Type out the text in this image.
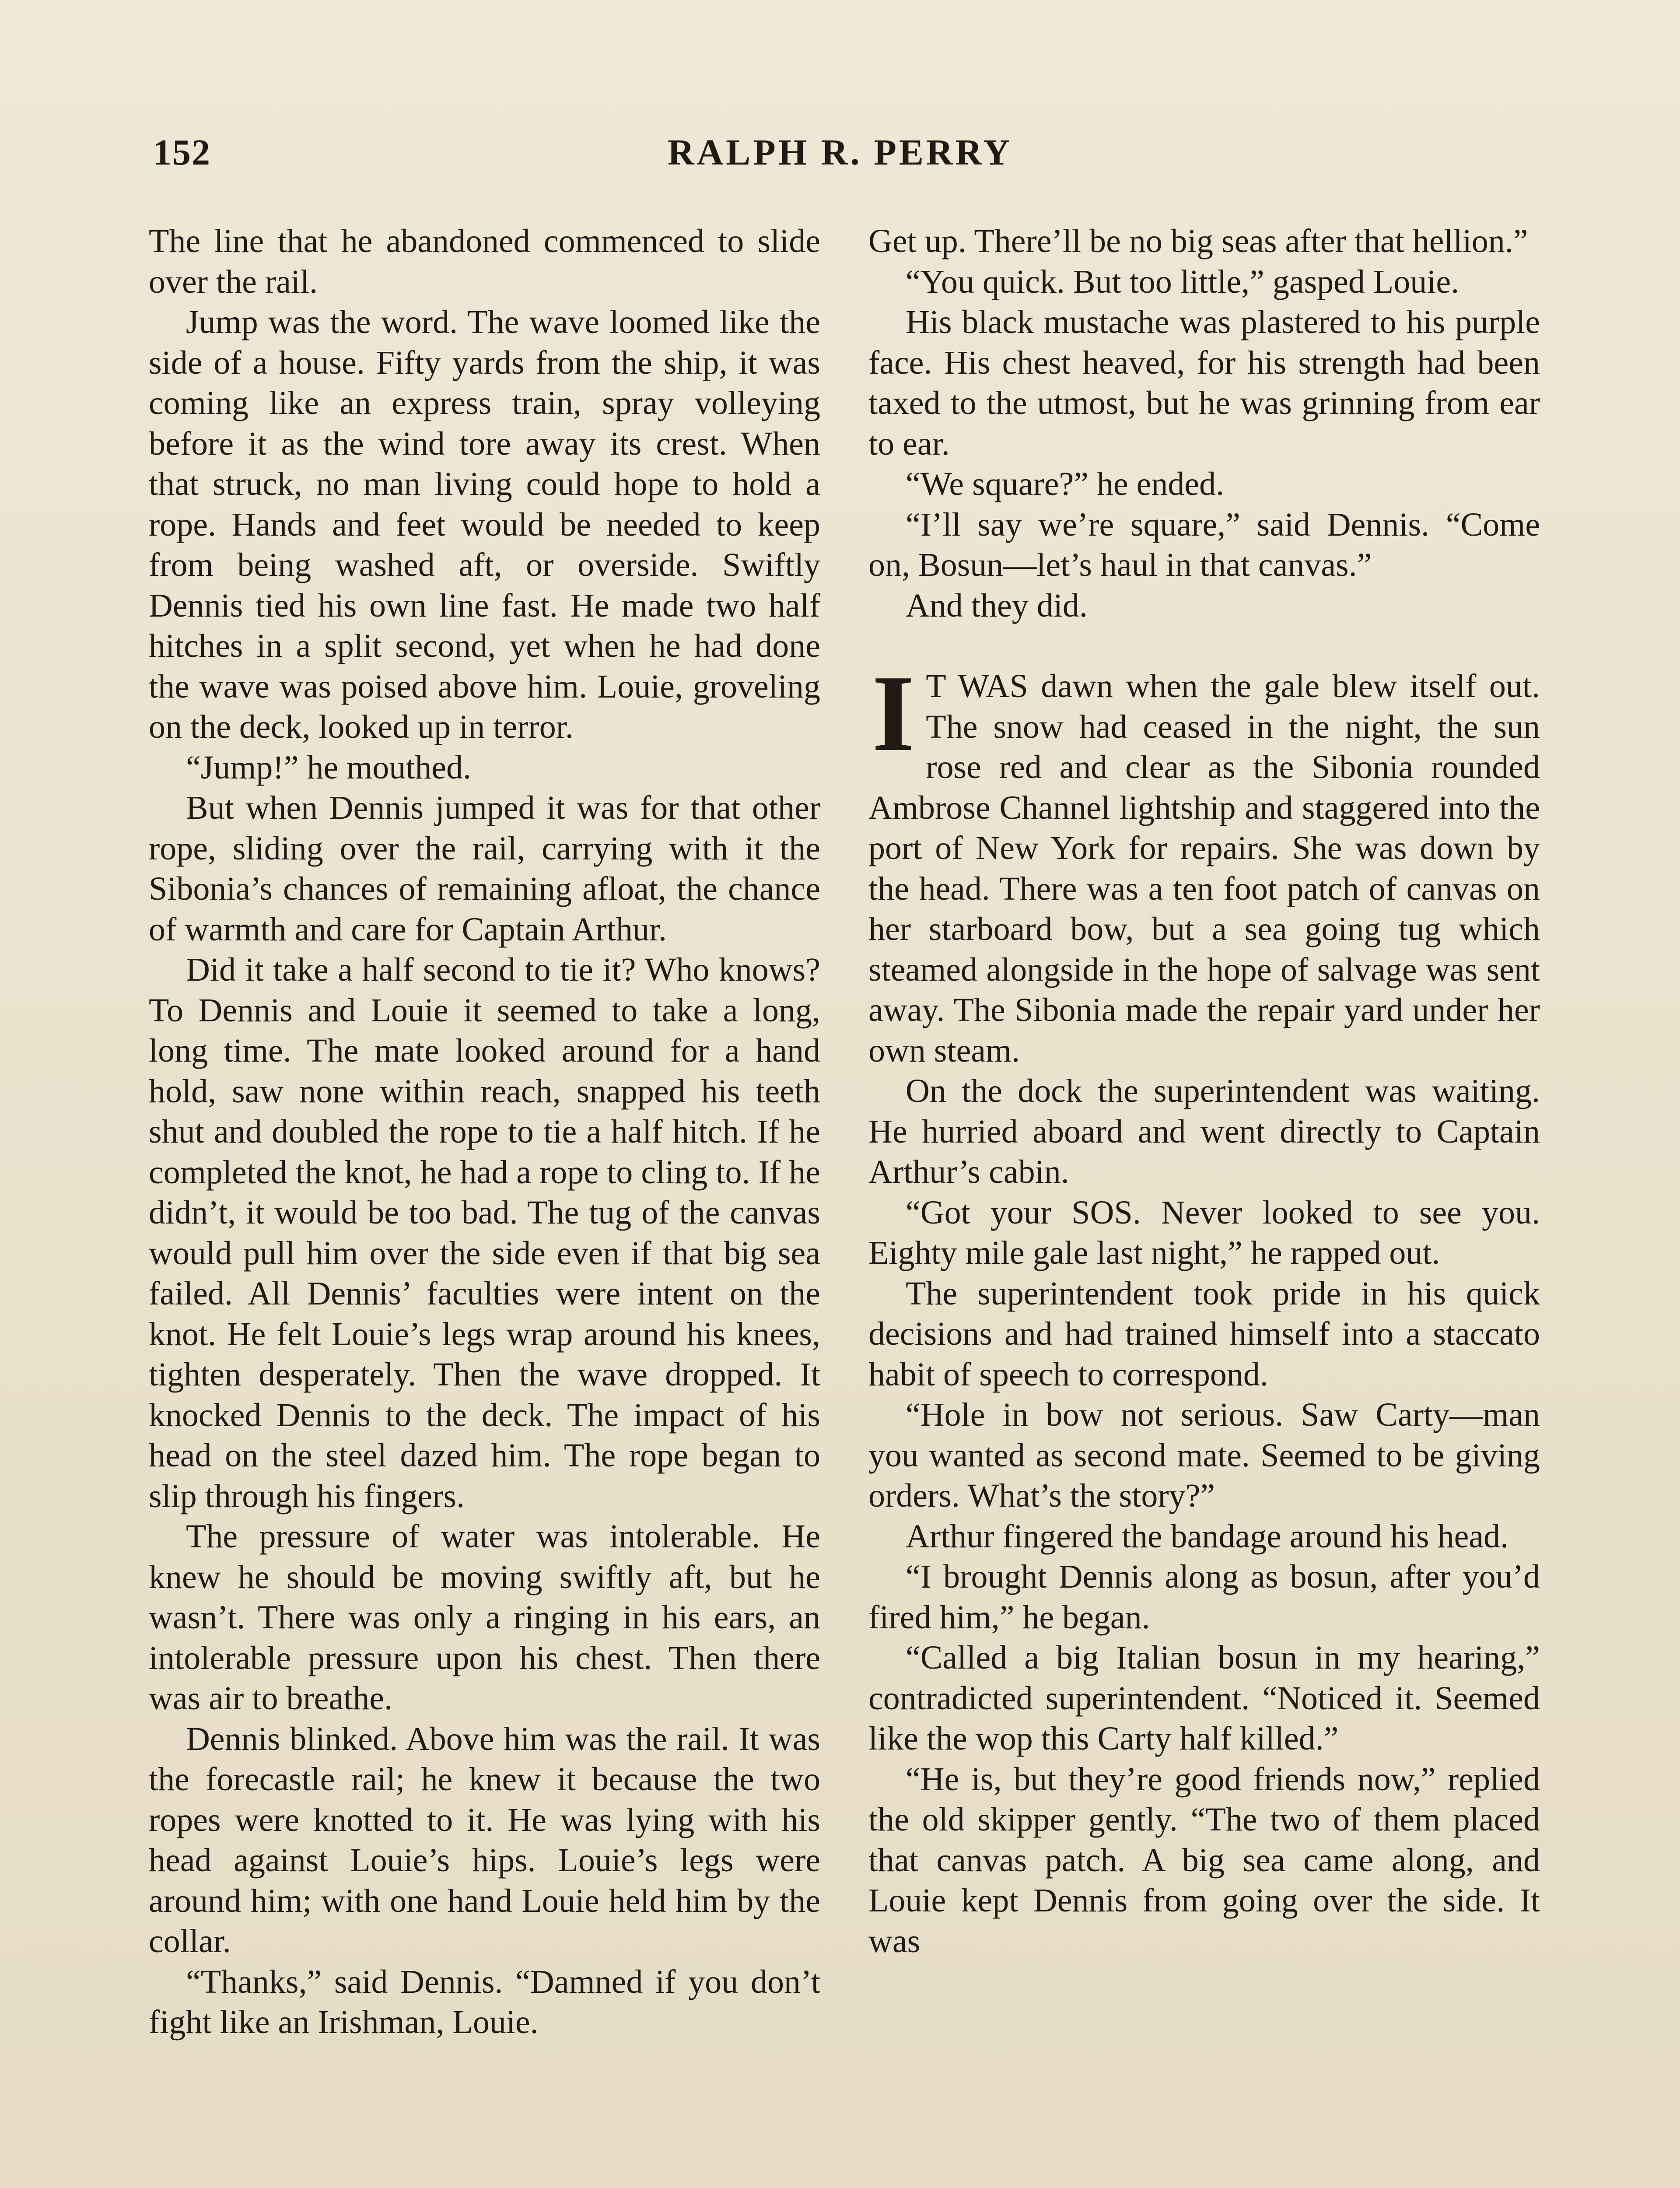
152	RALPH R. PERRY

The line that he abandoned commenced to slide over the rail.

Jump was the word. The wave loomed like the side of a house. Fifty yards from the ship, it was coming like an express train, spray volleying before it as the wind tore away its crest. When that struck, no man living could hope to hold a rope. Hands and feet would be needed to keep from being washed aft, or overside. Swiftly Dennis tied his own line fast. He made two half hitches in a split second, yet when he had done the wave was poised above him. Louie, groveling on the deck, looked up in terror.

“Jump!” he mouthed.

But when Dennis jumped it was for that other rope, sliding over the rail, carrying with it the Sibonia’s chances of remaining afloat, the chance of warmth and care for Captain Arthur.

Did it take a half second to tie it? Who knows? To Dennis and Louie it seemed to take a long, long time. The mate looked around for a hand hold, saw none within reach, snapped his teeth shut and doubled the rope to tie a half hitch. If he completed the knot, he had a rope to cling to. If he didn’t, it would be too bad. The tug of the canvas would pull him over the side even if that big sea failed. All Dennis’ faculties were intent on the knot. He felt Louie’s legs wrap around his knees, tighten desperately. Then the wave dropped. It knocked Dennis to the deck. The impact of his head on the steel dazed him. The rope began to slip through his fingers.

The pressure of water was intolerable. He knew he should be moving swiftly aft, but he wasn’t. There was only a ringing in his ears, an intolerable pressure upon his chest. Then there was air to breathe.

Dennis blinked. Above him was the rail. It was the forecastle rail; he knew it because the two ropes were knotted to it. He was lying with his head against Louie’s hips. Louie’s legs were around him; with one hand Louie held him by the collar.

“Thanks,” said Dennis. “Damned if you don’t fight like an Irishman, Louie.

Get up. There’ll be no big seas after that hellion.”

“You quick. But too little,” gasped Louie.

His black mustache was plastered to his purple face. His chest heaved, for his strength had been taxed to the utmost, but he was grinning from ear to ear.

“We square?” he ended.

“I’ll say we’re square,” said Dennis. “Come on, Bosun—let’s haul in that canvas.”

And they did.

I T WAS dawn when the gale blew itself out. The snow had ceased in the night, the sun rose red and clear as the Sibonia rounded Ambrose Channel lightship and staggered into the port of New York for repairs. She was down by the head. There was a ten foot patch of canvas on her starboard bow, but a sea going tug which steamed alongside in the hope of salvage was sent away. The Sibonia made the repair yard under her own steam.

On the dock the superintendent was waiting. He hurried aboard and went directly to Captain Arthur’s cabin.

“Got your SOS. Never looked to see you. Eighty mile gale last night,” he rapped out.

The superintendent took pride in his quick decisions and had trained himself into a staccato habit of speech to correspond.

“Hole in bow not serious. Saw Carty—man you wanted as second mate. Seemed to be giving orders. What’s the story?”

Arthur fingered the bandage around his head.

“I brought Dennis along as bosun, after you’d fired him,” he began.

“Called a big Italian bosun in my hearing,” contradicted superintendent. “Noticed it. Seemed like the wop this Carty half killed.”

“He is, but they’re good friends now,” replied the old skipper gently. “The two of them placed that canvas patch. A big sea came along, and Louie kept Dennis from going over the side. It was
